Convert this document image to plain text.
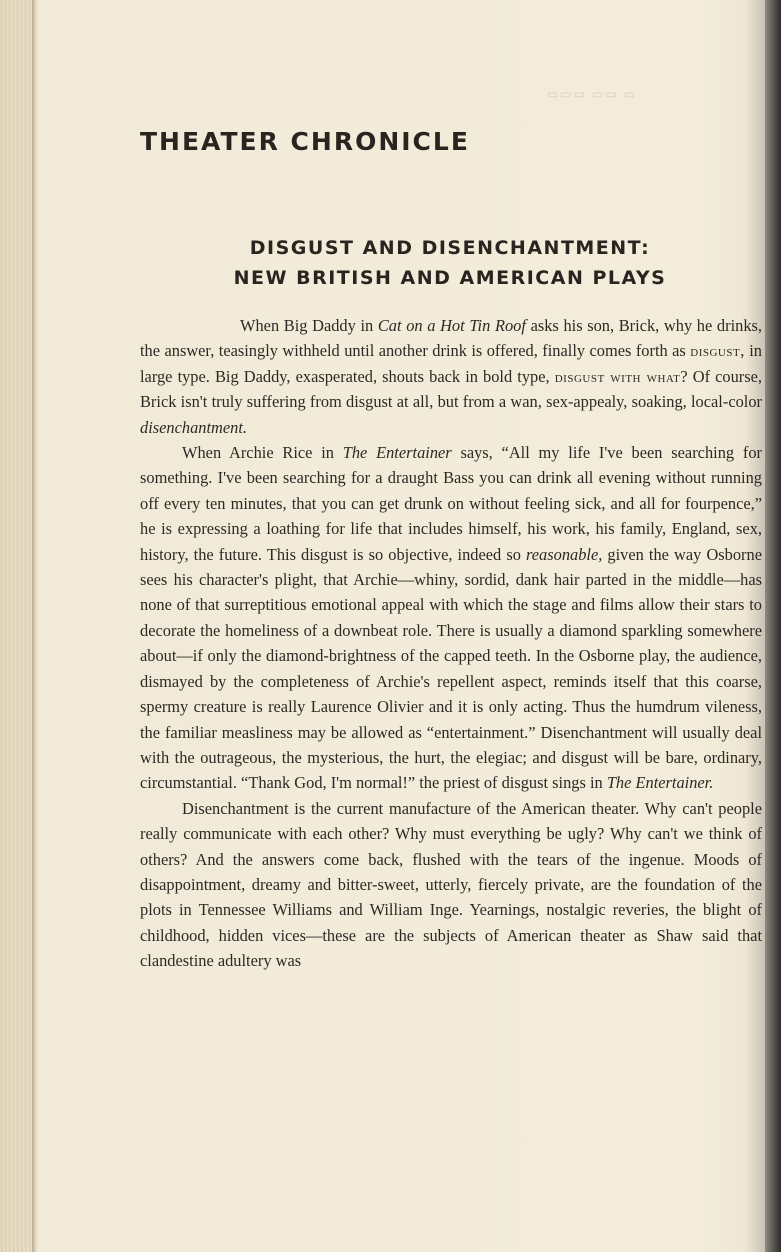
▭ ▭▭ ▭▭▭
THEATER CHRONICLE
DISGUST AND DISENCHANTMENT:
NEW BRITISH AND AMERICAN PLAYS

When Big Daddy in Cat on a Hot Tin Roof asks his son, Brick, why he drinks, the answer, teasingly withheld until another drink is offered, finally comes forth as disgust, in large type. Big Daddy, exasperated, shouts back in bold type, disgust with what? Of course, Brick isn't truly suffering from disgust at all, but from a wan, sex-appealy, soaking, local-color disenchantment.

When Archie Rice in The Entertainer says, “All my life I've been searching for something. I've been searching for a draught Bass you can drink all evening without running off every ten minutes, that you can get drunk on without feeling sick, and all for fourpence,” he is expressing a loathing for life that includes himself, his work, his family, England, sex, history, the future. This disgust is so objective, indeed so reasonable, given the way Osborne sees his character's plight, that Archie—whiny, sordid, dank hair parted in the middle—has none of that surreptitious emotional appeal with which the stage and films allow their stars to decorate the homeliness of a downbeat role. There is usually a diamond sparkling somewhere about—if only the diamond-brightness of the capped teeth. In the Osborne play, the audience, dismayed by the completeness of Archie's repellent aspect, reminds itself that this coarse, spermy creature is really Laurence Olivier and it is only acting. Thus the humdrum vileness, the familiar measliness may be allowed as “entertainment.” Disenchantment will usually deal with the outrageous, the mysterious, the hurt, the elegiac; and disgust will be bare, ordinary, circumstantial. “Thank God, I'm normal!” the priest of disgust sings in The Entertainer.

Disenchantment is the current manufacture of the American theater. Why can't people really communicate with each other? Why must everything be ugly? Why can't we think of others? And the answers come back, flushed with the tears of the ingenue. Moods of disappointment, dreamy and bitter-sweet, utterly, fiercely private, are the foundation of the plots in Tennessee Williams and William Inge. Yearnings, nostalgic reveries, the blight of childhood, hidden vices—these are the subjects of American theater as Shaw said that clandestine adultery was
